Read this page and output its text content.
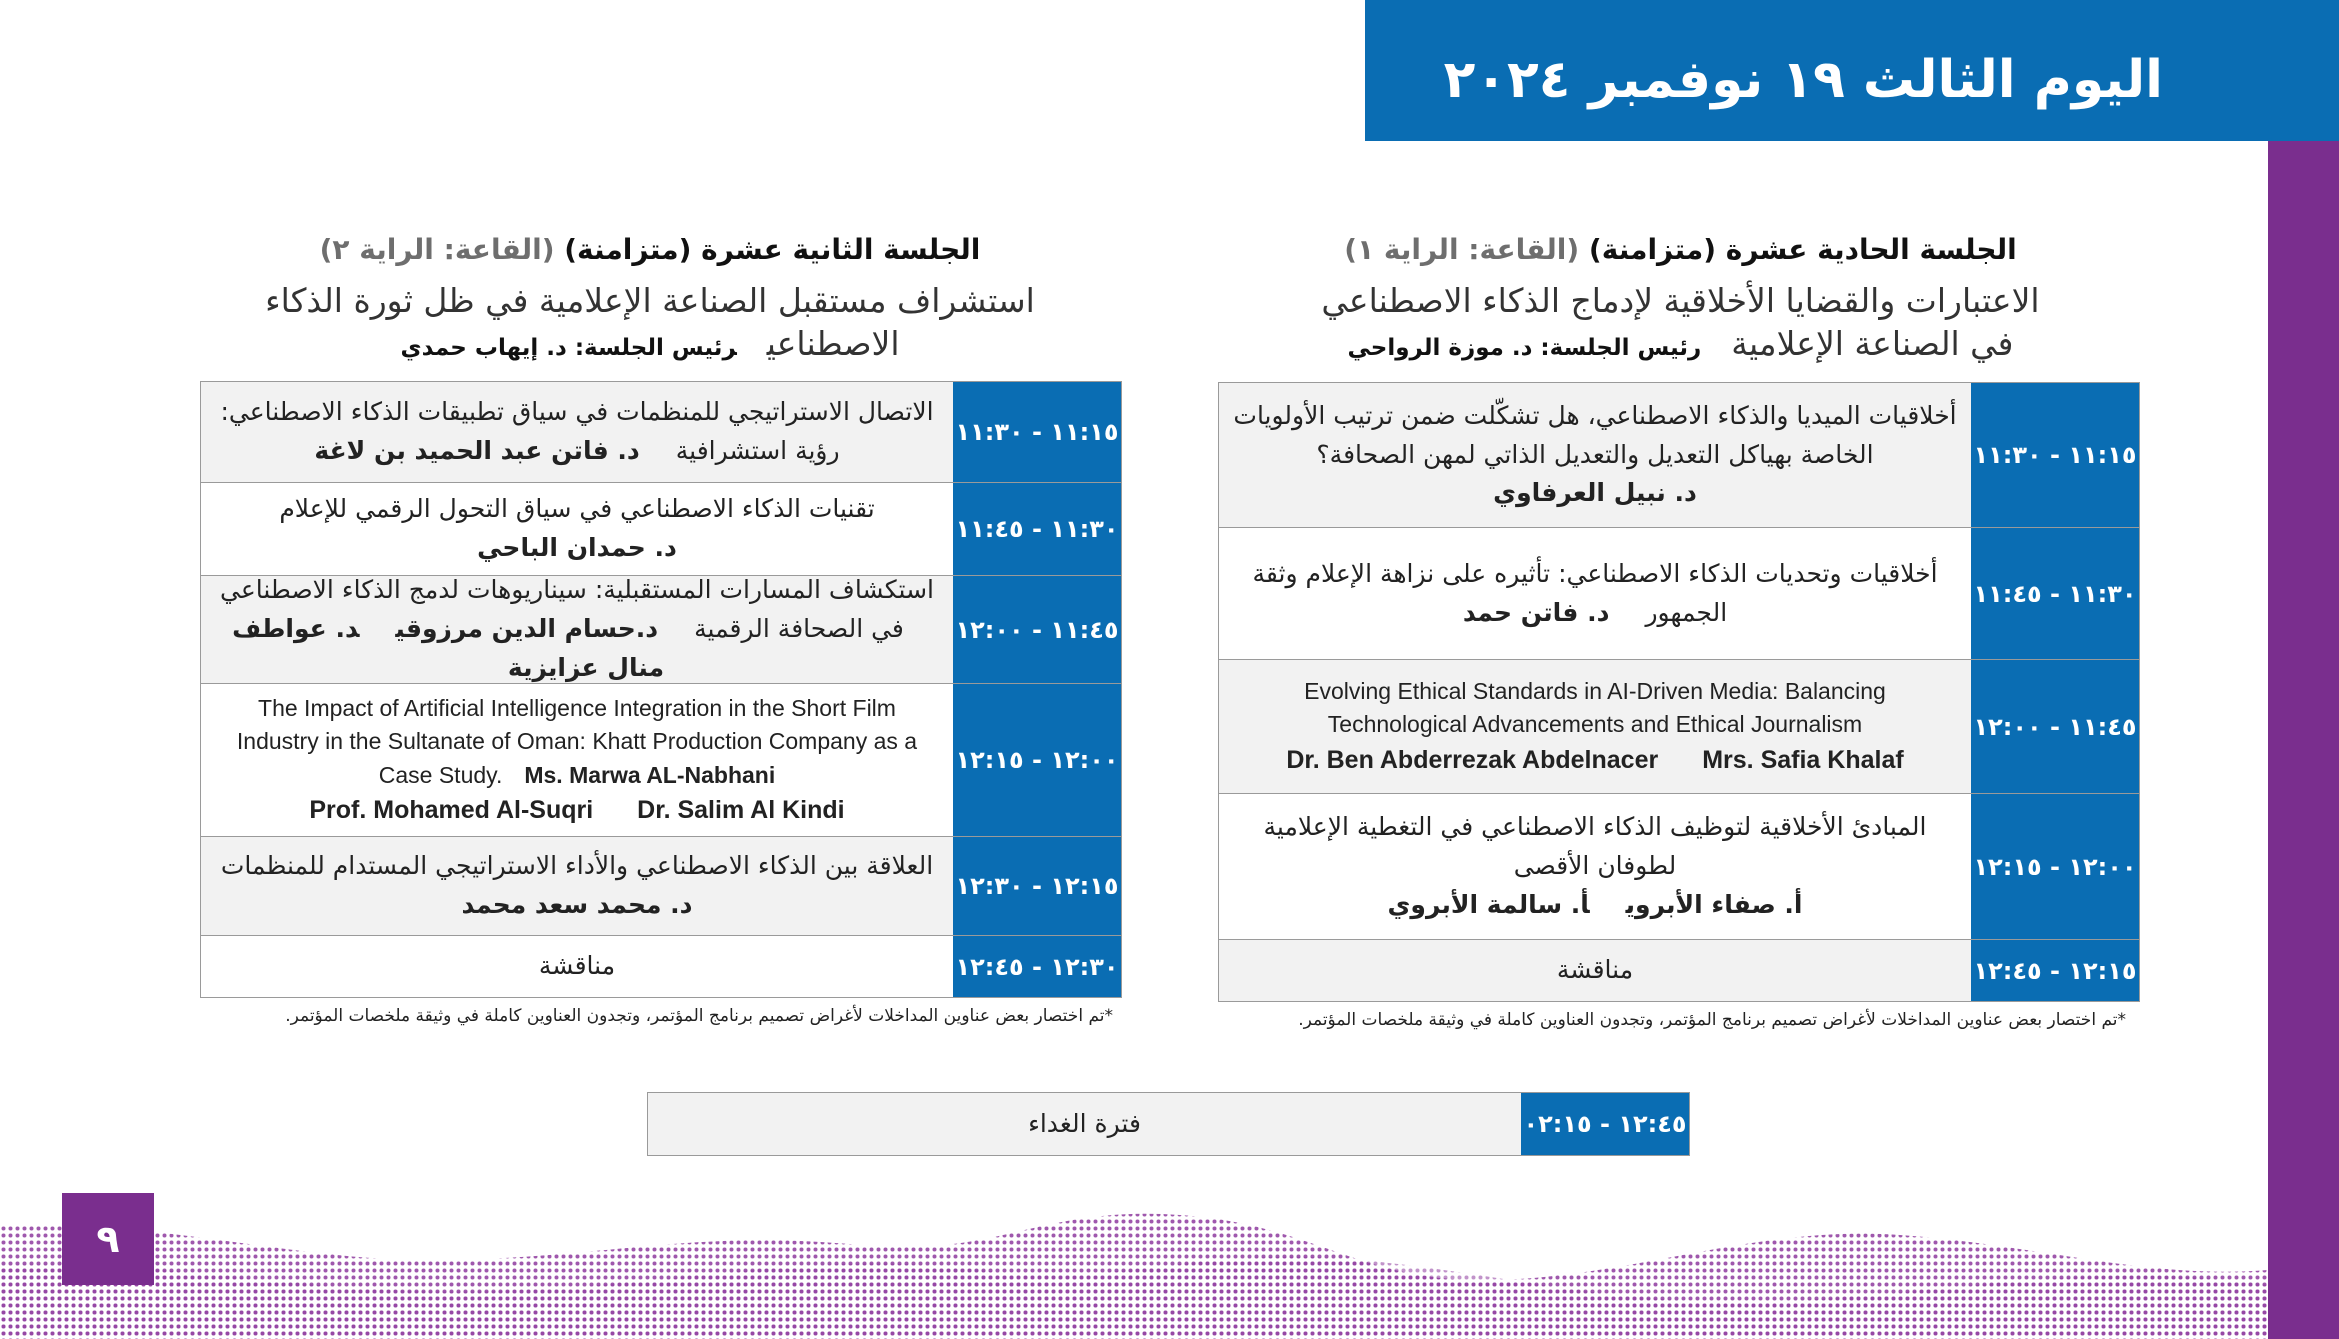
اليوم الثالث ١٩ نوفمبر ٢٠٢٤
الجلسة الحادية عشرة (متزامنة) (القاعة: الراية ١)
الاعتبارات والقضايا الأخلاقية لإدماج الذكاء الاصطناعي
في الصناعة الإعلاميةرئيس الجلسة: د. موزة الرواحي
١١:١٥ - ١١:٣٠
أخلاقيات الميديا والذكاء الاصطناعي، هل تشكّلت ضمن ترتيب الأولويات
الخاصة بهياكل التعديل والتعديل الذاتي لمهن الصحافة؟
د. نبيل العرفاوي
١١:٣٠ - ١١:٤٥
أخلاقيات وتحديات الذكاء الاصطناعي: تأثيره على نزاهة الإعلام وثقة
الجمهورد. فاتن حمد
١١:٤٥ - ١٢:٠٠
Evolving Ethical Standards in AI-Driven Media: Balancing
Technological Advancements and Ethical Journalism
Dr. Ben Abderrezak Abdelnacer Mrs. Safia Khalaf
١٢:٠٠ - ١٢:١٥
المبادئ الأخلاقية لتوظيف الذكاء الاصطناعي في التغطية الإعلامية
لطوفان الأقصى
أ. صفاء الأبرويأ. سالمة الأبروي
١٢:١٥ - ١٢:٤٥
مناقشة
*تم اختصار بعض عناوين المداخلات لأغراض تصميم برنامج المؤتمر، وتجدون العناوين كاملة في وثيقة ملخصات المؤتمر.
الجلسة الثانية عشرة (متزامنة) (القاعة: الراية ٢)
استشراف مستقبل الصناعة الإعلامية في ظل ثورة الذكاء
الاصطناعيرئيس الجلسة: د. إيهاب حمدي
١١:١٥ - ١١:٣٠
الاتصال الاستراتيجي للمنظمات في سياق تطبيقات الذكاء الاصطناعي:
رؤية استشرافيةد. فاتن عبد الحميد بن لاغة
١١:٣٠ - ١١:٤٥
تقنيات الذكاء الاصطناعي في سياق التحول الرقمي للإعلام
د. حمدان الباحي
١١:٤٥ - ١٢:٠٠
استكشاف المسارات المستقبلية: سيناريوهات لدمج الذكاء الاصطناعي
في الصحافة الرقميةد.حسام الدين مرزوقيد. عواطف منال عزايزية
١٢:٠٠ - ١٢:١٥
The Impact of Artificial Intelligence Integration in the Short Film
Industry in the Sultanate of Oman: Khatt Production Company as a
Case Study. Ms. Marwa AL-Nabhani
Prof. Mohamed Al-Suqri Dr. Salim Al Kindi
١٢:١٥ - ١٢:٣٠
العلاقة بين الذكاء الاصطناعي والأداء الاستراتيجي المستدام للمنظمات
د. محمد سعد محمد
١٢:٣٠ - ١٢:٤٥
مناقشة
*تم اختصار بعض عناوين المداخلات لأغراض تصميم برنامج المؤتمر، وتجدون العناوين كاملة في وثيقة ملخصات المؤتمر.
١٢:٤٥ - ٠٢:١٥
فترة الغداء
٩
